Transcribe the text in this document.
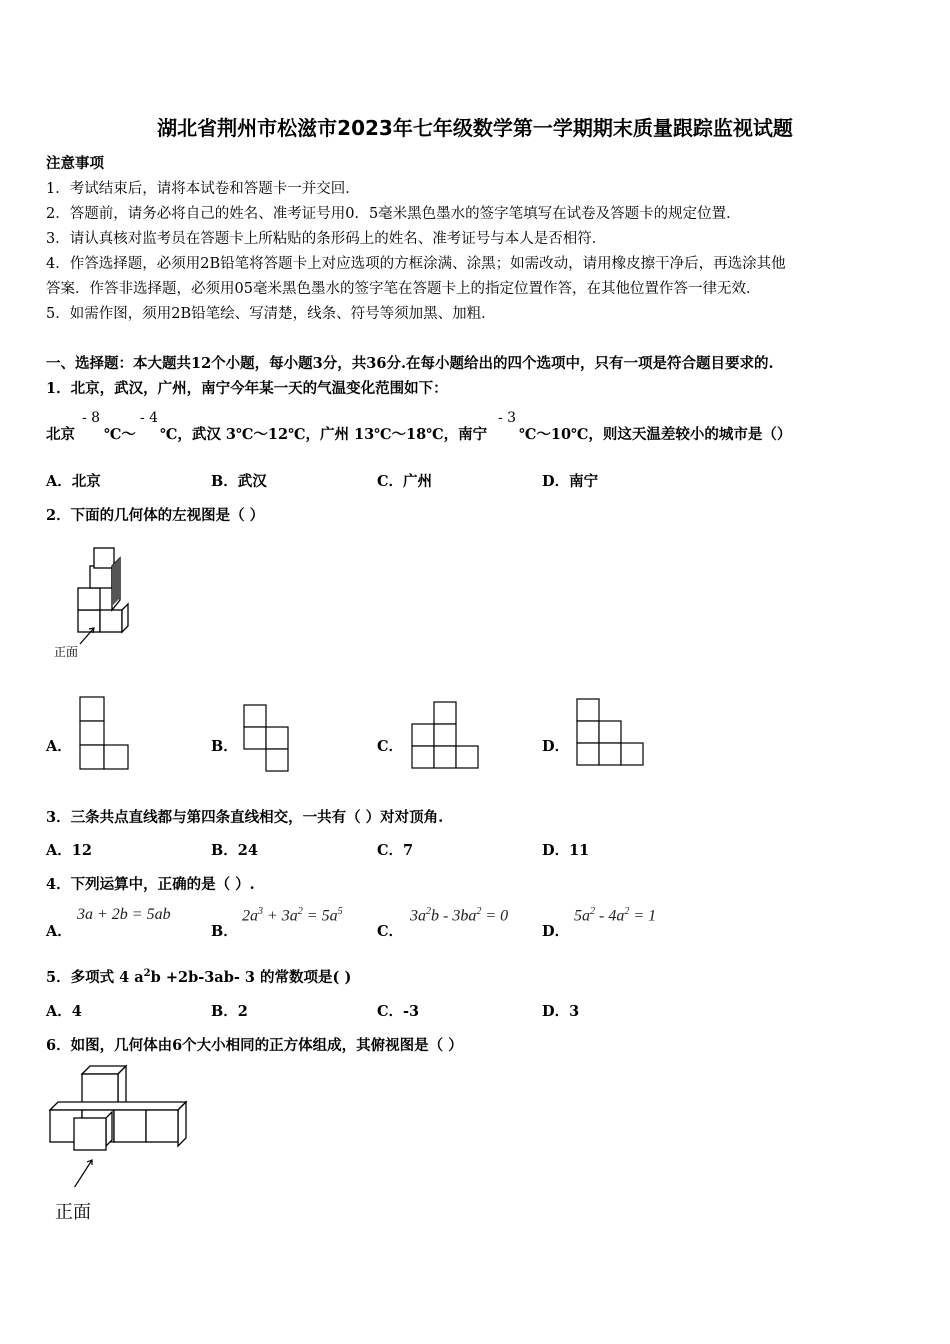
湖北省荆州市松滋市2023年七年级数学第一学期期末质量跟踪监视试题
注意事项
1．考试结束后，请将本试卷和答题卡一并交回．
2．答题前，请务必将自己的姓名、准考证号用0．5毫米黑色墨水的签字笔填写在试卷及答题卡的规定位置．
3．请认真核对监考员在答题卡上所粘贴的条形码上的姓名、准考证号与本人是否相符．
4．作答选择题，必须用2B铅笔将答题卡上对应选项的方框涂满、涂黑；如需改动，请用橡皮擦干净后，再选涂其他
答案．作答非选择题，必须用05毫米黑色墨水的签字笔在答题卡上的指定位置作答，在其他位置作答一律无效．
5．如需作图，须用2B铅笔绘、写清楚，线条、符号等须加黑、加粗．
一、选择题：本大题共12个小题，每小题3分，共36分.在每小题给出的四个选项中，只有一项是符合题目要求的.
1．北京，武汉，广州，南宁今年某一天的气温变化范围如下：
北京
- 8
℃～
- 4
℃，武汉 3℃～12℃，广州 13℃～18℃，南宁
- 3
℃～10℃，则这天温差较小的城市是（）
A．北京	B．武汉	C．广州	D．南宁
2．下面的几何体的左视图是（ ）
正面
A．	B．	C．	D．
3．三条共点直线都与第四条直线相交，一共有（ ）对对顶角.
A．12	B．24	C．7	D．11
4．下列运算中，正确的是（ ）.
A．
3a + 2b = 5ab
B．
$2a^3 + 3a^2 = 5a^5$
C．
$3a^2b - 3ba^2 = 0$
D．
$5a^2 - 4a^2 = 1$
5．多项式 4 $a^2b +2b-3ab-$ 3 的常数项是( )
A．4	B．2	C．-3	D．3
6．如图，几何体由6个大小相同的正方体组成，其俯视图是（ ）
正面
